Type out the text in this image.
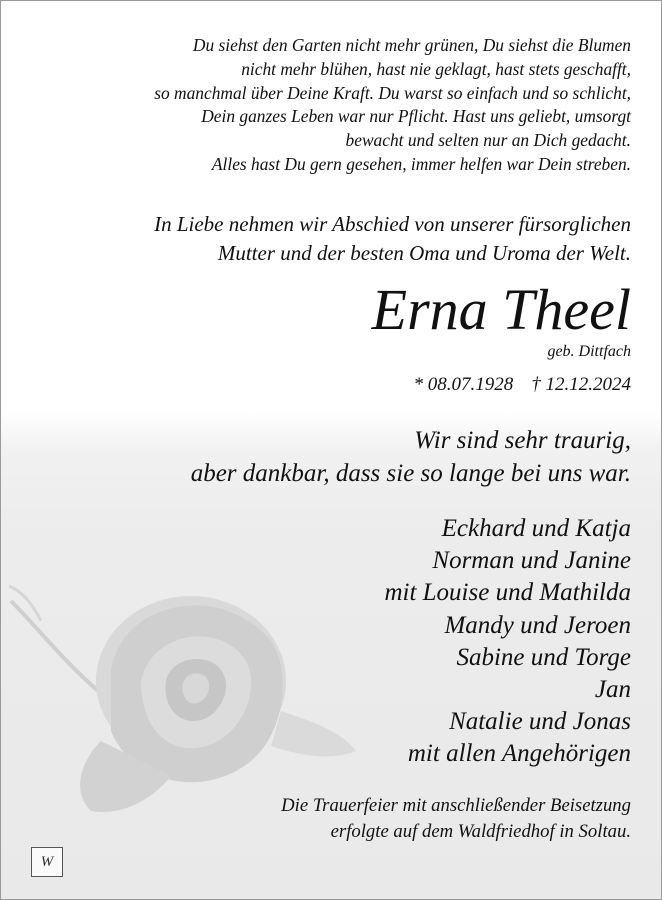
Du siehst den Garten nicht mehr grünen, Du siehst die Blumen
nicht mehr blühen, hast nie geklagt, hast stets geschafft,
so manchmal über Deine Kraft. Du warst so einfach und so schlicht,
Dein ganzes Leben war nur Pflicht. Hast uns geliebt, umsorgt
bewacht und selten nur an Dich gedacht.
Alles hast Du gern gesehen, immer helfen war Dein streben.
In Liebe nehmen wir Abschied von unserer fürsorglichen
Mutter und der besten Oma und Uroma der Welt.
Erna Theel
geb. Dittfach
* 08.07.1928 † 12.12.2024
Wir sind sehr traurig,
aber dankbar, dass sie so lange bei uns war.
Eckhard und Katja
Norman und Janine
mit Louise und Mathilda
Mandy und Jeroen
Sabine und Torge
Jan
Natalie und Jonas
mit allen Angehörigen
Die Trauerfeier mit anschließender Beisetzung
erfolgte auf dem Waldfriedhof in Soltau.
W
